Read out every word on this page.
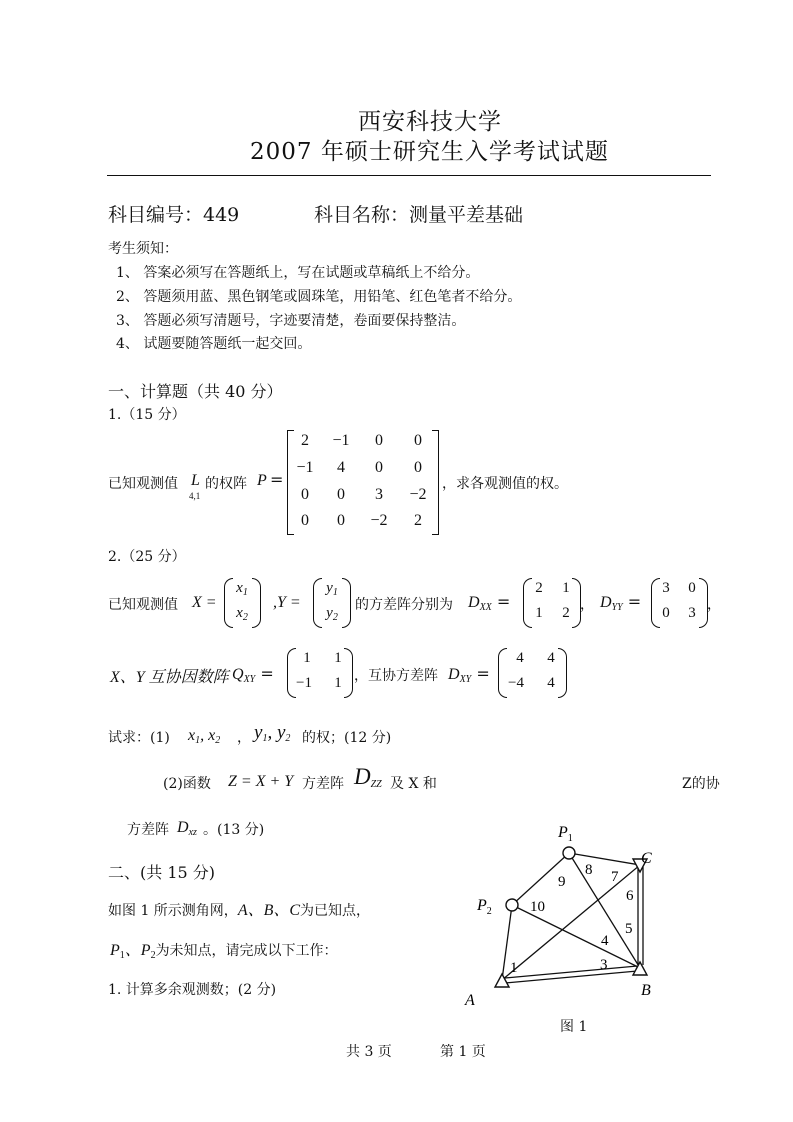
西安科技大学
2007 年硕士研究生入学考试试题
科目编号：449	科目名称：测量平差基础
考生须知：
1、 答案必须写在答题纸上，写在试题或草稿纸上不给分。
2、 答题须用蓝、黑色钢笔或圆珠笔，用铅笔、红色笔者不给分。
3、 答题必须写清题号，字迹要清楚，卷面要保持整洁。
4、 试题要随答题纸一起交回。
一、计算题（共 40 分）
1.（15 分）
已知观测值 L
4,1
的权阵 P =
2	−1	0	0
−1	4	0	0
0	0	3	−2
0	0	−2	2
，求各观测值的权。
2.（25 分）
已知观测值 X =
$x_1$
$x_2$
,Y =
$y_1$
$y_2$
的方差阵分别为 $D_{XX}$ =
2	1
1	2 ， $D_{YY}$ =
3	0
0	3 ，
X、Y 互协因数阵 $Q_{XY}$ =
1	1
−1	1 ，互协方差阵 $D_{XY}$ =
4	4
−4	4
试求：(1) $x_1$, $x_2$ ， $y_1$, $y_2$ 的权；(12 分)
(2)函数 Z = X + Y 方差阵 $D_{ZZ}$ 及 X 和	Z的协
方差阵 $D_{xz}$ 。(13 分)
二、(共 15 分)
如图 1 所示测角网，A、B、C为已知点，
$P_1$、$P_2$为未知点，请完成以下工作：
1. 计算多余观测数；(2 分)
$P_1$
$P_2$
A
B
C
1	3
4
5
6
7
8
9
10
图 1
共 3 页	第 1 页
